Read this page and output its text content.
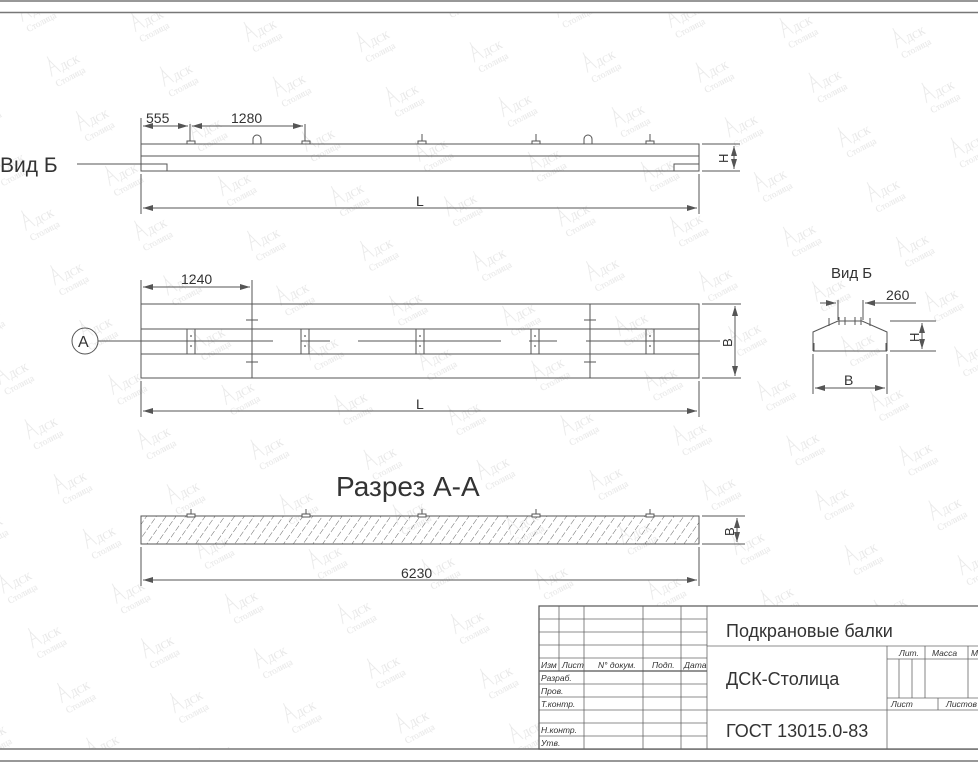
Вид Б
555	1280
L
H
A
1240
L
B
Вид Б
260
H
B
Разрез А-А
6230
B
Изм Лист N° докум. Подп. Дата
Разраб.
Пров.
Т.контр.
Н.контр.
Утв.
Лит. Масса М
Лист	Листов
Подкрановые балки
ДСК-Столица
ГОСТ 13015.0-83
